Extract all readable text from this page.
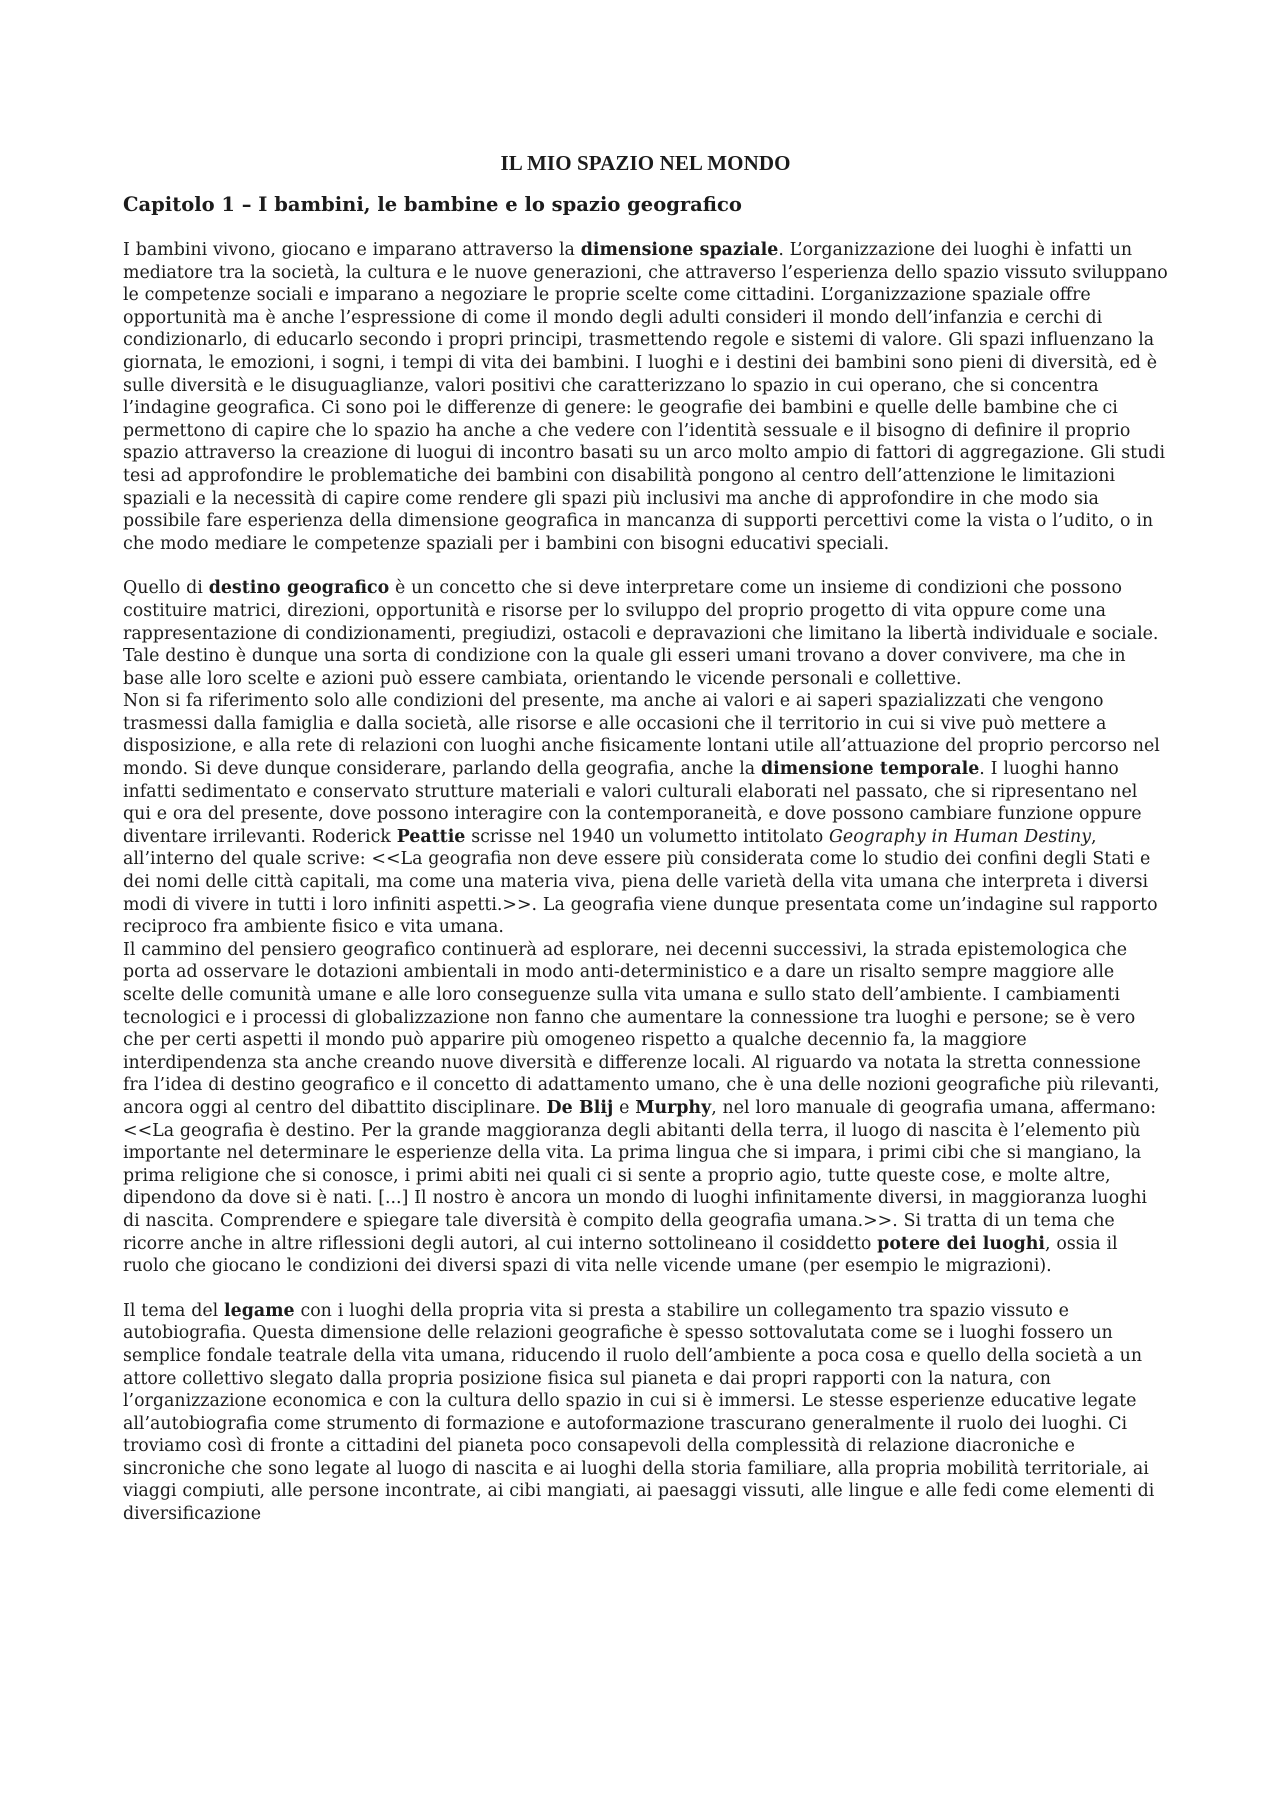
IL MIO SPAZIO NEL MONDO
Capitolo 1 – I bambini, le bambine e lo spazio geografico

I bambini vivono, giocano e imparano attraverso la dimensione spaziale. L’organizzazione dei luoghi è infatti un mediatore tra la società, la cultura e le nuove generazioni, che attraverso l’esperienza dello spazio vissuto sviluppano le competenze sociali e imparano a negoziare le proprie scelte come cittadini. L’organizzazione spaziale offre opportunità ma è anche l’espressione di come il mondo degli adulti consideri il mondo dell’infanzia e cerchi di condizionarlo, di educarlo secondo i propri principi, trasmettendo regole e sistemi di valore. Gli spazi influenzano la giornata, le emozioni, i sogni, i tempi di vita dei bambini. I luoghi e i destini dei bambini sono pieni di diversità, ed è sulle diversità e le disuguaglianze, valori positivi che caratterizzano lo spazio in cui operano, che si concentra l’indagine geografica. Ci sono poi le differenze di genere: le geografie dei bambini e quelle delle bambine che ci permettono di capire che lo spazio ha anche a che vedere con l’identità sessuale e il bisogno di definire il proprio spazio attraverso la creazione di luogui di incontro basati su un arco molto ampio di fattori di aggregazione. Gli studi tesi ad approfondire le problematiche dei bambini con disabilità pongono al centro dell’attenzione le limitazioni spaziali e la necessità di capire come rendere gli spazi più inclusivi ma anche di approfondire in che modo sia possibile fare esperienza della dimensione geografica in mancanza di supporti percettivi come la vista o l’udito, o in che modo mediare le competenze spaziali per i bambini con bisogni educativi speciali.

Quello di destino geografico è un concetto che si deve interpretare come un insieme di condizioni che possono costituire matrici, direzioni, opportunità e risorse per lo sviluppo del proprio progetto di vita oppure come una rappresentazione di condizionamenti, pregiudizi, ostacoli e depravazioni che limitano la libertà individuale e sociale. Tale destino è dunque una sorta di condizione con la quale gli esseri umani trovano a dover convivere, ma che in base alle loro scelte e azioni può essere cambiata, orientando le vicende personali e collettive.

Non si fa riferimento solo alle condizioni del presente, ma anche ai valori e ai saperi spazializzati che vengono trasmessi dalla famiglia e dalla società, alle risorse e alle occasioni che il territorio in cui si vive può mettere a disposizione, e alla rete di relazioni con luoghi anche fisicamente lontani utile all’attuazione del proprio percorso nel mondo. Si deve dunque considerare, parlando della geografia, anche la dimensione temporale. I luoghi hanno infatti sedimentato e conservato strutture materiali e valori culturali elaborati nel passato, che si ripresentano nel qui e ora del presente, dove possono interagire con la contemporaneità, e dove possono cambiare funzione oppure diventare irrilevanti. Roderick Peattie scrisse nel 1940 un volumetto intitolato Geography in Human Destiny, all’interno del quale scrive: <<La geografia non deve essere più considerata come lo studio dei confini degli Stati e dei nomi delle città capitali, ma come una materia viva, piena delle varietà della vita umana che interpreta i diversi modi di vivere in tutti i loro infiniti aspetti.>>. La geografia viene dunque presentata come un’indagine sul rapporto reciproco fra ambiente fisico e vita umana.

Il cammino del pensiero geografico continuerà ad esplorare, nei decenni successivi, la strada epistemologica che porta ad osservare le dotazioni ambientali in modo anti-deterministico e a dare un risalto sempre maggiore alle scelte delle comunità umane e alle loro conseguenze sulla vita umana e sullo stato dell’ambiente. I cambiamenti tecnologici e i processi di globalizzazione non fanno che aumentare la connessione tra luoghi e persone; se è vero che per certi aspetti il mondo può apparire più omogeneo rispetto a qualche decennio fa, la maggiore interdipendenza sta anche creando nuove diversità e differenze locali. Al riguardo va notata la stretta connessione fra l’idea di destino geografico e il concetto di adattamento umano, che è una delle nozioni geografiche più rilevanti, ancora oggi al centro del dibattito disciplinare. De Blij e Murphy, nel loro manuale di geografia umana, affermano: <<La geografia è destino. Per la grande maggioranza degli abitanti della terra, il luogo di nascita è l’elemento più importante nel determinare le esperienze della vita. La prima lingua che si impara, i primi cibi che si mangiano, la prima religione che si conosce, i primi abiti nei quali ci si sente a proprio agio, tutte queste cose, e molte altre, dipendono da dove si è nati. [...] Il nostro è ancora un mondo di luoghi infinitamente diversi, in maggioranza luoghi di nascita. Comprendere e spiegare tale diversità è compito della geografia umana.>>. Si tratta di un tema che ricorre anche in altre riflessioni degli autori, al cui interno sottolineano il cosiddetto potere dei luoghi, ossia il ruolo che giocano le condizioni dei diversi spazi di vita nelle vicende umane (per esempio le migrazioni).

Il tema del legame con i luoghi della propria vita si presta a stabilire un collegamento tra spazio vissuto e autobiografia. Questa dimensione delle relazioni geografiche è spesso sottovalutata come se i luoghi fossero un semplice fondale teatrale della vita umana, riducendo il ruolo dell’ambiente a poca cosa e quello della società a un attore collettivo slegato dalla propria posizione fisica sul pianeta e dai propri rapporti con la natura, con l’organizzazione economica e con la cultura dello spazio in cui si è immersi. Le stesse esperienze educative legate all’autobiografia come strumento di formazione e autoformazione trascurano generalmente il ruolo dei luoghi. Ci troviamo così di fronte a cittadini del pianeta poco consapevoli della complessità di relazione diacroniche e sincroniche che sono legate al luogo di nascita e ai luoghi della storia familiare, alla propria mobilità territoriale, ai viaggi compiuti, alle persone incontrate, ai cibi mangiati, ai paesaggi vissuti, alle lingue e alle fedi come elementi di diversificazione
